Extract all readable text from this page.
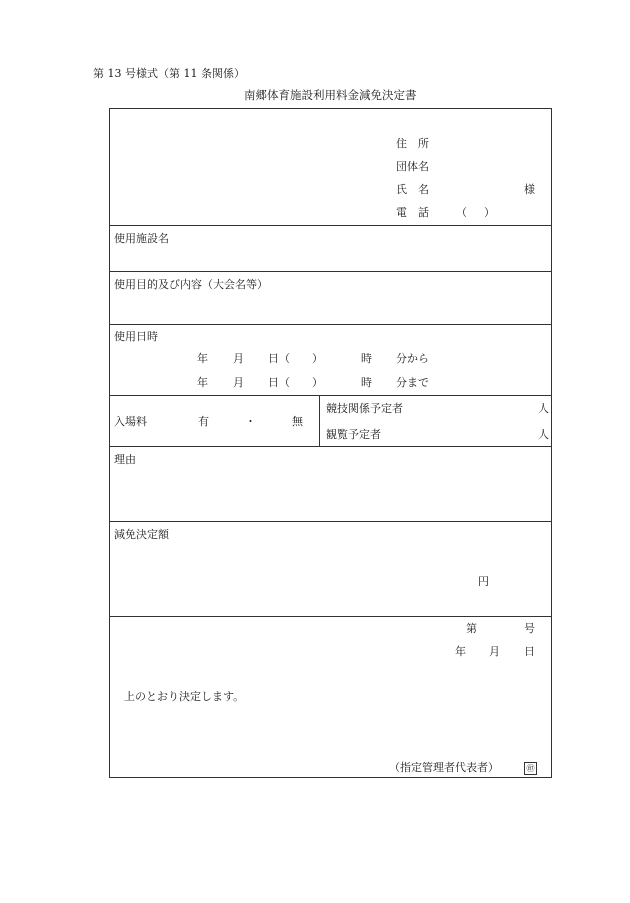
第 13 号様式（第 11 条関係）
南郷体育施設利用料金減免決定書
住　所
団体名
氏　名	様
電　話 （ ）
使用施設名
使用目的及び内容（大会名等）
使用日時
年 月 日（ ）	時 分から
年 月 日（ ）	時 分まで
入場料	有	・	無
競技関係予定者	人
観覧予定者	人
理由
減免決定額
円
第	号
年 月 日
上のとおり決定します。
（指定管理者代表者）	㊞
